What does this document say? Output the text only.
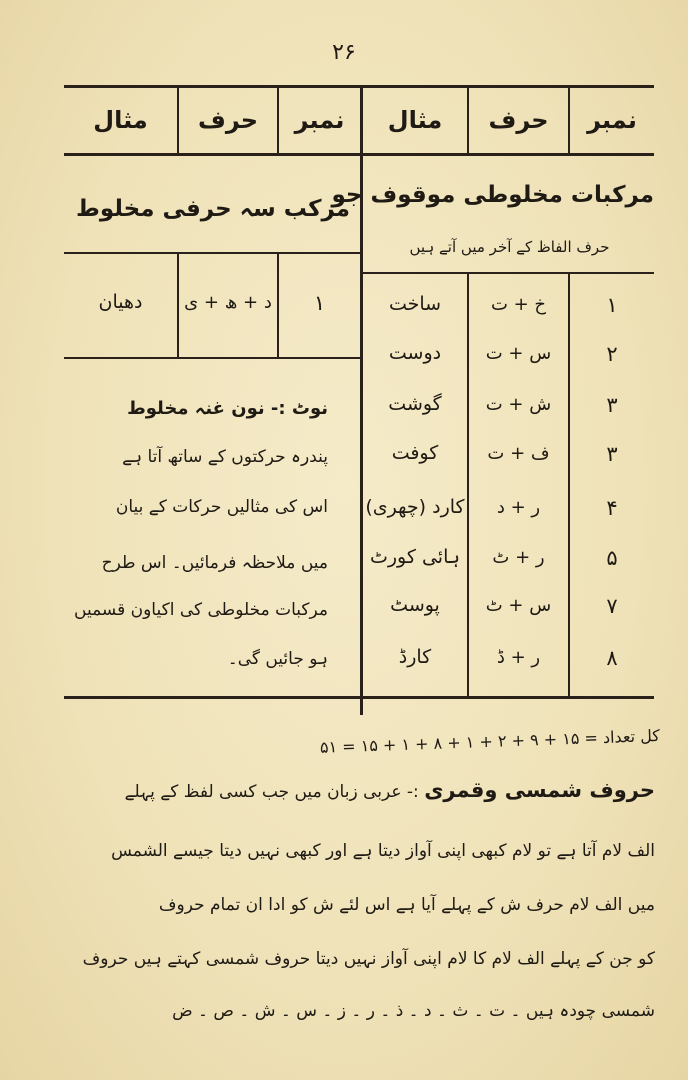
۲۶
نمبر
حرف
مثال
نمبر
حرف
مثال
مرکبات مخلوطی موقوف جو
حرف الفاظ کے آخر میں آتے ہیں
مرکب سہ حرفی مخلوط
۱
د + ھ + ی
دھیان	۱
خ + ت
ساخت
۲
س + ت
دوست
۳
ش + ت
گوشت
۳
ف + ت
کوفت
۴
ر + د
کارد (چھری)
۵
ر + ٹ
ہائی کورٹ
۷
س + ٹ
پوسٹ
۸
ر + ڈ
کارڈ
نوٹ :- نون غنہ مخلوط
پندرہ حرکتوں کے ساتھ آتا ہے
اس کی مثالیں حرکات کے بیان
میں ملاحظہ فرمائیں۔ اس طرح
مرکبات مخلوطی کی اکیاون قسمیں
ہو جائیں گی۔
کل تعداد = ۱۵ + ۹ + ۲ + ۱ + ۸ + ۱ + ۱۵ = ۵۱
حروف شمسی وقمری :- عربی زبان میں جب کسی لفظ کے پہلے
الف لام آتا ہے تو لام کبھی اپنی آواز دیتا ہے اور کبھی نہیں دیتا جیسے الشمس
میں الف لام حرف ش کے پہلے آیا ہے اس لئے ش کو ادا ان تمام حروف
کو جن کے پہلے الف لام کا لام اپنی آواز نہیں دیتا حروف شمسی کہتے ہیں حروف
شمسی چودہ ہیں ۔ ت ۔ ث ۔ د ۔ ذ ۔ ر ۔ ز ۔ س ۔ ش ۔ ص ۔ ض
